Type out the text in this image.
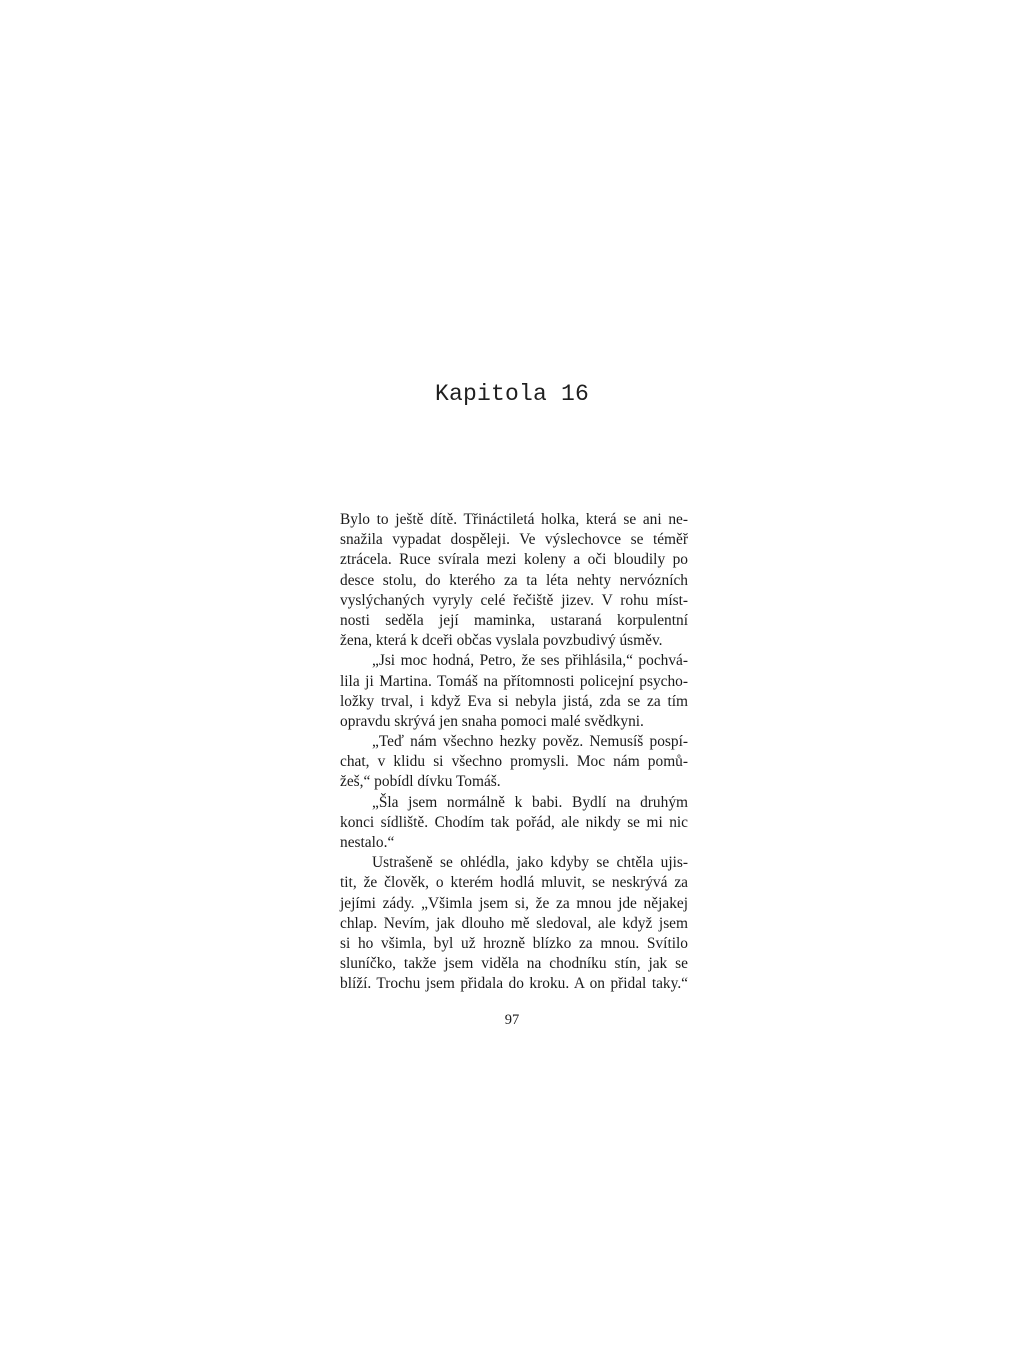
Kapitola 16
Bylo to ještě dítě. Třináctiletá holka, která se ani ne-
snažila vypadat dospěleji. Ve výslechovce se téměř
ztrácela. Ruce svírala mezi koleny a oči bloudily po
desce stolu, do kterého za ta léta nehty nervózních
vyslýchaných vyryly celé řečiště jizev. V rohu míst-
nosti seděla její maminka, ustaraná korpulentní
žena, která k dceři občas vyslala povzbudivý úsměv.
„Jsi moc hodná, Petro, že ses přihlásila,“ pochvá-
lila ji Martina. Tomáš na přítomnosti policejní psycho-
ložky trval, i když Eva si nebyla jistá, zda se za tím
opravdu skrývá jen snaha pomoci malé svědkyni.
„Teď nám všechno hezky pověz. Nemusíš pospí-
chat, v klidu si všechno promysli. Moc nám pomů-
žeš,“ pobídl dívku Tomáš.
„Šla jsem normálně k babi. Bydlí na druhým
konci sídliště. Chodím tak pořád, ale nikdy se mi nic
nestalo.“
Ustrašeně se ohlédla, jako kdyby se chtěla ujis-
tit, že člověk, o kterém hodlá mluvit, se neskrývá za
jejími zády. „Všimla jsem si, že za mnou jde nějakej
chlap. Nevím, jak dlouho mě sledoval, ale když jsem
si ho všimla, byl už hrozně blízko za mnou. Svítilo
sluníčko, takže jsem viděla na chodníku stín, jak se
blíží. Trochu jsem přidala do kroku. A on přidal taky.“
97
